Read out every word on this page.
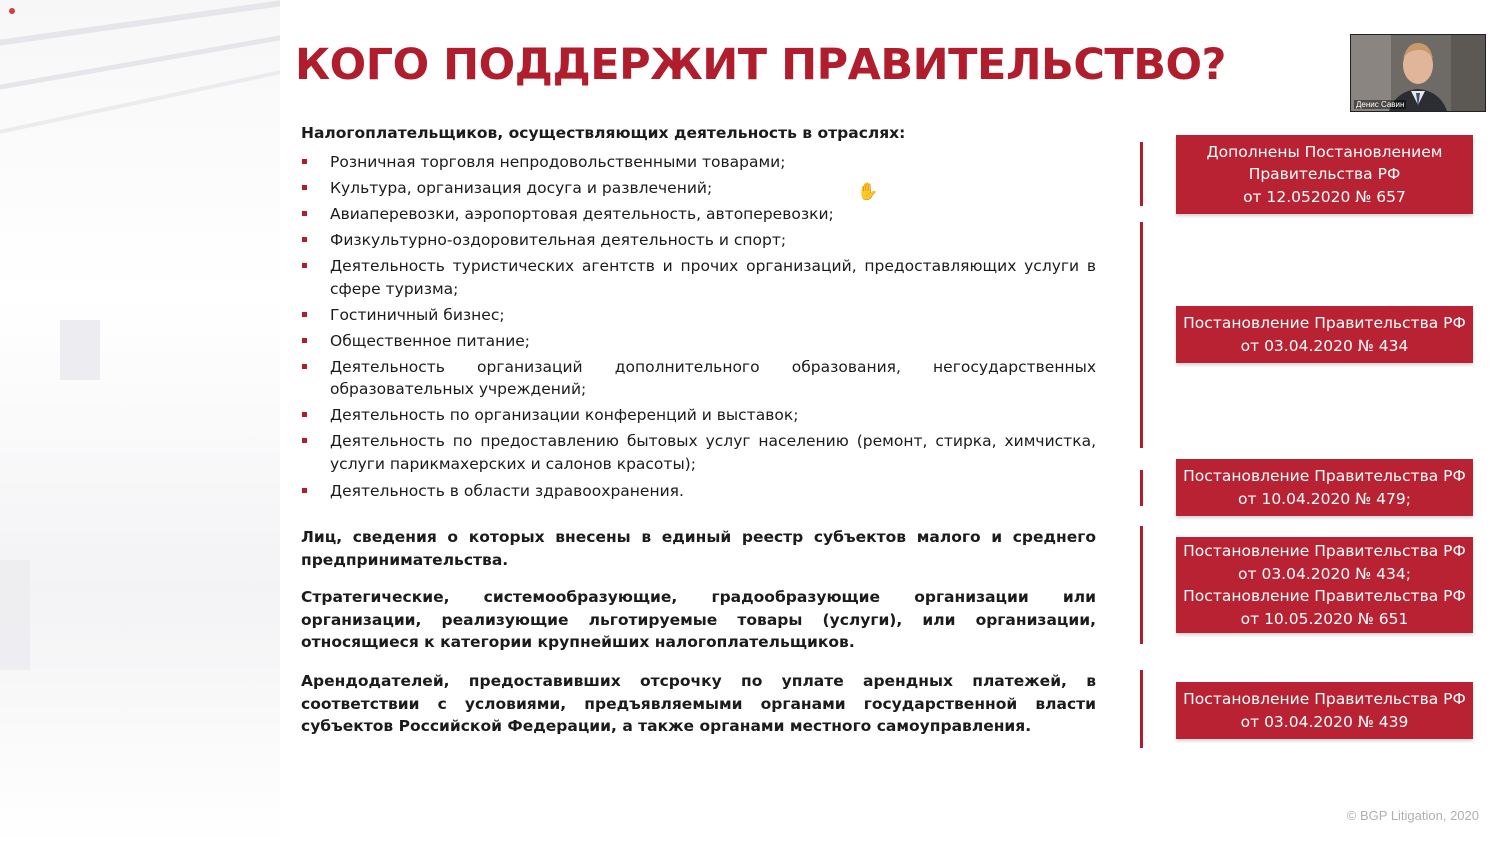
КОГО ПОДДЕРЖИТ ПРАВИТЕЛЬСТВО?

Налогоплательщиков, осуществляющих деятельность в отраслях:

Розничная торговля непродовольственными товарами;
Культура, организация досуга и развлечений;
Авиаперевозки, аэропортовая деятельность, автоперевозки;
Физкультурно-оздоровительная деятельность и спорт;
Деятельность туристических агентств и прочих организаций, предоставляющих услуги в сфере туризма;
Гостиничный бизнес;
Общественное питание;
Деятельность организаций дополнительного образования, негосударственных образовательных учреждений;
Деятельность по организации конференций и выставок;
Деятельность по предоставлению бытовых услуг населению (ремонт, стирка, химчистка, услуги парикмахерских и салонов красоты);
Деятельность в области здравоохранения.

Лиц, сведения о которых внесены в единый реестр субъектов малого и среднего предпринимательства.

Стратегические, системообразующие, градообразующие организации или организации, реализующие льготируемые товары (услуги), или организации, относящиеся к категории крупнейших налогоплательщиков.

Арендодателей, предоставивших отсрочку по уплате арендных платежей, в соответствии с условиями, предъявляемыми органами государственной власти субъектов Российской Федерации, а также органами местного самоуправления.

✋
Дополнены Постановлением
Правительства РФ
от 12.052020 № 657
Постановление Правительства РФ
от 03.04.2020 № 434
Постановление Правительства РФ
от 10.04.2020 № 479;
Постановление Правительства РФ
от 03.04.2020 № 434;
Постановление Правительства РФ
от 10.05.2020 № 651
Постановление Правительства РФ
от 03.04.2020 № 439
Денис Савин
© BGP Litigation, 2020
